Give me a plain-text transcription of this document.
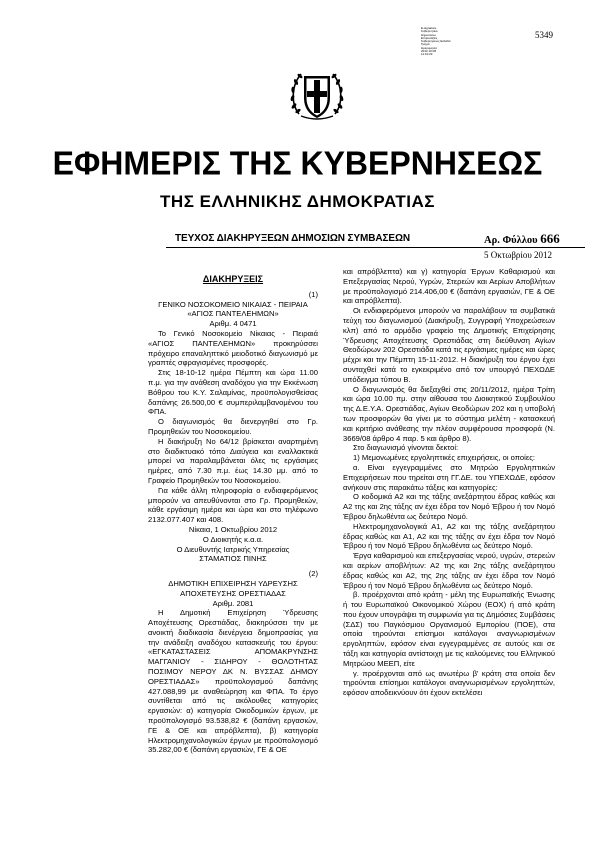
E-signature
Κυβερνητικό
Δημοσιεύω
Επιφυλάξεις
Κυβερνησεως Ελλάδα
Τμήμα
Ημερομηνία
2012.10.08
11:10:23
5349
ΕΦΗΜΕΡΙΣ ΤΗΣ ΚΥΒΕΡΝΗΣΕΩΣ
ΤΗΣ ΕΛΛΗΝΙΚΗΣ ΔΗΜΟΚΡΑΤΙΑΣ
ΤΕΥΧΟΣ ΔΙΑΚΗΡΥΞΕΩΝ ΔΗΜΟΣΙΩΝ ΣΥΜΒΑΣΕΩΝ	Αρ. Φύλλου 666
5 Οκτωβρίου 2012

ΔΙΑΚΗΡΥΞΕΙΣ

(1)

ΓΕΝΙΚΟ ΝΟΣΟΚΟΜΕΙΟ ΝΙΚΑΙΑΣ - ΠΕΙΡΑΙΑ «ΑΓΙΟΣ ΠΑΝΤΕΛΕΗΜΩΝ»

Αριθμ. 4 0471

Το Γενικό Νοσοκομείο Νίκαιας - Πειραιά «ΑΓΙΟΣ ΠΑΝΤΕΛΕΗΜΩΝ» προκηρύσσει πρόχειρο επαναληπτικό μειοδοτικό διαγωνισμό με γραπτές σφραγισμένες προσφορές.

Στις 18-10-12 ημέρα Πέμπτη και ώρα 11.00 π.μ. για την ανάθεση αναδόχου για την Εκκένωση Βόθρου του Κ.Υ. Σαλαμίνας, προϋπολογισθείσας δαπάνης 26.500,00 € συμπεριλαμβανομένου του ΦΠΑ.

Ο διαγωνισμός θα διενεργηθεί στο Γρ. Προμηθειών του Νοσοκομείου.

Η διακήρυξη Νο 64/12 βρίσκεται αναρτημένη στο διαδικτυακό τόπο Διαύγεια και εναλλακτικά μπορεί να παραλαμβάνεται όλες τις εργάσιμες ημέρες, από 7.30 π.μ. έως 14.30 μμ. από το Γραφείο Προμηθειών του Νοσοκομείου.

Για κάθε άλλη πληροφορία ο ενδιαφερόμενος μπορούν να απευθύνονται στο Γρ. Προμηθειών, κάθε εργάσιμη ημέρα και ώρα και στο τηλέφωνο 2132.077.407 και 408.

Νίκαια, 1 Οκτωβρίου 2012

Ο Διοικητής κ.α.α.

Ο Διευθυντής Ιατρικής Υπηρεσίας

ΣΤΑΜΑΤΙΟΣ ΠΙΝΗΣ

(2)

ΔΗΜΟΤΙΚΗ ΕΠΙΧΕΙΡΗΣΗ ΥΔΡΕΥΣΗΣ ΑΠΟΧΕΤΕΥΣΗΣ ΟΡΕΣΤΙΑΔΑΣ

Αριθμ. 2081

Η Δημοτική Επιχείρηση Ύδρευσης Αποχέτευσης Ορεστιάδας, διακηρύσσει την με ανοικτή διαδικασία διενέργεια δημοπρασίας για την ανάδειξη αναδόχου κατασκευής του έργου: «ΕΓΚΑΤΑΣΤΑΣΕΙΣ ΑΠΟΜΑΚΡΥΝΣΗΣ ΜΑΓΓΑΝΙΟΥ - ΣΙΔΗΡΟΥ - ΘΟΛΟΤΗΤΑΣ ΠΟΣΙΜΟΥ ΝΕΡΟΥ ΔΚ Ν. ΒΥΣΣΑΣ ΔΗΜΟΥ ΟΡΕΣΤΙΑΔΑΣ» προϋπολογισμού δαπάνης 427.088,99 με αναθεώρηση και ΦΠΑ. Το έργο συντίθεται από τις ακόλουθες κατηγορίες εργασιών: α) κατηγορία Οικοδομικών έργων, με προϋπολογισμό 93.538,82 € (δαπάνη εργασιών, ΓΕ & ΟΕ και απρόβλεπτα), β) κατηγορία Ηλεκτρομηχανολογικών έργων με προϋπολογισμό 35.282,00 € (δαπάνη εργασιών, ΓΕ & ΟΕ

και απρόβλεπτα) και γ) κατηγορία Έργων Καθαρισμού και Επεξεργασίας Νερού, Υγρών, Στερεών και Αερίων Αποβλήτων με προϋπολογισμό 214.406,00 € (δαπάνη εργασιών, ΓΕ & ΟΕ και απρόβλεπτα).

Οι ενδιαφερόμενοι μπορούν να παραλάβουν τα συμβατικά τεύχη του διαγωνισμού (Διακήρυξη, Συγγραφή Υποχρεώσεων κλπ) από το αρμόδιο γραφείο της Δημοτικής Επιχείρησης Ύδρευσης Αποχέτευσης Ορεστιάδας στη διεύθυνση Αγίων Θεοδώρων 202 Ορεστιάδα κατά τις εργάσιμες ημέρες και ώρες μέχρι και την Πέμπτη 15-11-2012. Η διακήρυξη του έργου έχει συνταχθεί κατά το εγκεκριμένο από τον υπουργό ΠΕΧΩΔΕ υπόδειγμα τύπου Β.

Ο διαγωνισμός θα διεξαχθεί στις 20/11/2012, ημέρα Τρίτη και ώρα 10.00 πμ. στην αίθουσα του Διοικητικού Συμβουλίου της Δ.Ε.Υ.Α. Ορεστιάδας, Αγίων Θεοδώρων 202 και η υποβολή των προσφορών θα γίνει με το σύστημα μελέτη - κατασκευή και κριτήριο ανάθεσης την πλέον συμφέρουσα προσφορά (Ν. 3669/08 άρθρο 4 παρ. 5 και άρθρο 8).

Στο διαγωνισμό γίνονται δεκτοί:

1) Μεμονωμένες εργοληπτικές επιχειρήσεις, οι οποίες:

α. Είναι εγγεγραμμένες στο Μητρώο Εργοληπτικών Επιχειρήσεων που τηρείται στη ΓΓ.ΔΕ. του ΥΠΕΧΩΔΕ, εφόσον ανήκουν στις παρακάτω τάξεις και κατηγορίες:

Ο κοδομικά Α2 και της τάξης ανεξάρτητου έδρας καθώς και Α2 της και 2ης τάξης αν έχει έδρα τον Νομό Έβρου ή τον Νομό Έβρου δηλωθέντα ως δεύτερο Νομό.

Ηλεκτρομηχανολογικά Α1, Α2 και της τάξης ανεξάρτητου έδρας καθώς και Α1, Α2 και της τάξης αν έχει έδρα τον Νομό Έβρου ή τον Νομό Έβρου δηλωθέντα ως δεύτερο Νομό.

Έργα καθαρισμού και επεξεργασίας νερού, υγρών, στερεών και αερίων αποβλήτων: Α2 της και 2ης τάξης ανεξάρτητου έδρας καθώς και Α2, της 2ης τάξης αν έχει έδρα τον Νομό Έβρου ή τον Νομό Έβρου δηλωθέντα ως δεύτερο Νομό.

β. προέρχονται από κράτη - μέλη της Ευρωπαϊκής Ένωσης ή του Ευρωπαϊκού Οικονομικού Χώρου (ΕΟΧ) ή από κράτη που έχουν υπογράψει τη συμφωνία για τις Δημόσιες Συμβάσεις (ΣΔΣ) του Παγκόσμιου Οργανισμού Εμπορίου (ΠΟΕ), στα οποία τηρούνται επίσημοι κατάλογοι αναγνωρισμένων εργοληπτών, εφόσον είναι εγγεγραμμένες σε αυτούς και σε τάξη και κατηγορία αντίστοιχη με τις καλούμενες του Ελληνικού Μητρώου ΜΕΕΠ, είτε

γ. προέρχονται από ως ανωτέρω β' κράτη στα οποία δεν τηρούνται επίσημοι κατάλογοι αναγνωρισμένων εργοληπτών, εφόσον αποδεικνύουν ότι έχουν εκτελέσει
